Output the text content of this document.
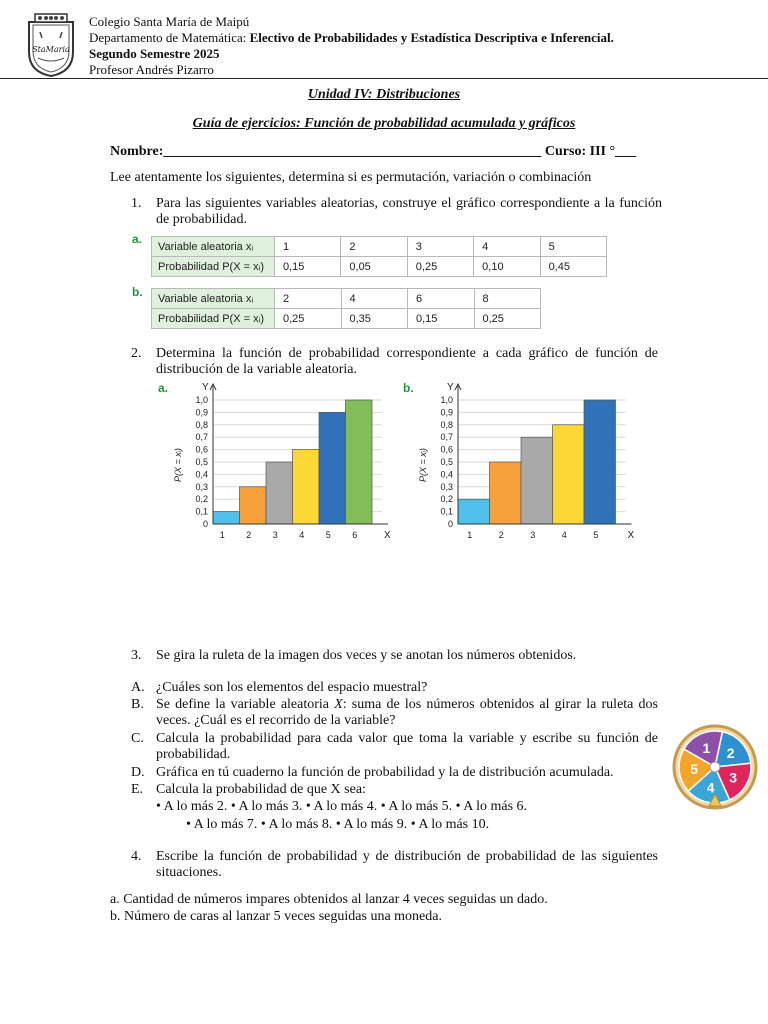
StaMaria
Colegio Santa María de Maipú
Departamento de Matemática: Electivo de Probabilidades y Estadística Descriptiva e Inferencial.
Segundo Semestre 2025
Profesor Andrés Pizarro
Unidad IV: Distribuciones
Guía de ejercicios: Función de probabilidad acumulada y gráficos
Nombre:______________________________________________________ Curso: III °___
Lee atentamente los siguientes, determina si es permutación, variación o combinación
1. Para las siguientes variables aleatorias, construye el gráfico correspondiente a la función de probabilidad.
a.
Variable aleatoria xᵢ	1	2	3	4	5
Probabilidad P(X = xᵢ)	0,15	0,05	0,25	0,10	0,45
b. Variable aleatoria xᵢ	2	4	6	8
Probabilidad P(X = xᵢ)	0,25	0,35	0,15	0,25
2. Determina la función de probabilidad correspondiente a cada gráfico de función de distribución de la variable aleatoria.
a.	b.
0
0,1
0,2
0,3
0,4
0,5
0,6
0,7
0,8
0,9
1,0
1 2 3 4 5 6
Y
X
P(X = xᵢ)
0
0,1
0,2
0,3
0,4
0,5
0,6
0,7
0,8
0,9
1,0
1	2	3	4	5
Y
X
P(X = xᵢ)
3. Se gira la ruleta de la imagen dos veces y se anotan los números obtenidos.
A. ¿Cuáles son los elementos del espacio muestral?
B. Se define la variable aleatoria X: suma de los números obtenidos al girar la ruleta dos veces. ¿Cuál es el recorrido de la variable?
C. Calcula la probabilidad para cada valor que toma la variable y escribe su función de probabilidad.
D. Gráfica en tú cuaderno la función de probabilidad y la de distribución acumulada.
E. Calcula la probabilidad de que X sea:
• A lo más 2. • A lo más 3. • A lo más 4. • A lo más 5. • A lo más 6.
• A lo más 7. • A lo más 8. • A lo más 9. • A lo más 10.
1 2
3
4
5
4. Escribe la función de probabilidad y de distribución de probabilidad de las siguientes situaciones.
a. Cantidad de números impares obtenidos al lanzar 4 veces seguidas un dado.
b. Número de caras al lanzar 5 veces seguidas una moneda.
